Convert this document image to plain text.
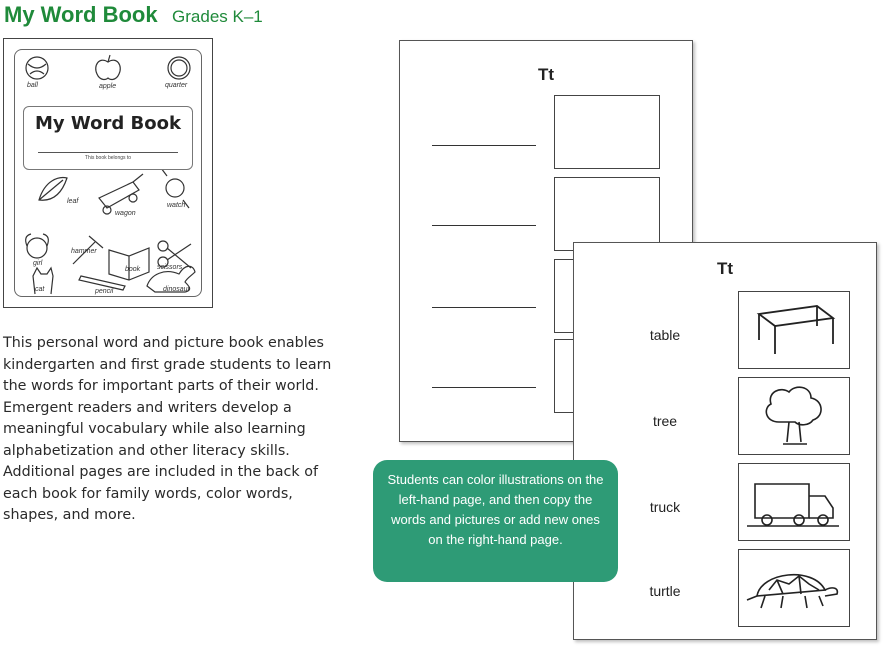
My Word Book Grades K–1
ball	apple	quarter
leaf
wagon
watch
girl
hammer
book scissors
cat	pencil	dinosaur
My Word Book
This book belongs to
This personal word and picture book enables kindergarten and first grade students to learn the words for important parts of their world. Emergent readers and writers develop a meaningful vocabulary while also learning alphabetization and other literacy skills. Additional pages are included in the back of each book for family words, color words, shapes, and more.
Tt
Tt
table
tree
truck
turtle
Students can color illustrations on the left-hand page, and then copy the words and pictures or add new ones on the right-hand page.
